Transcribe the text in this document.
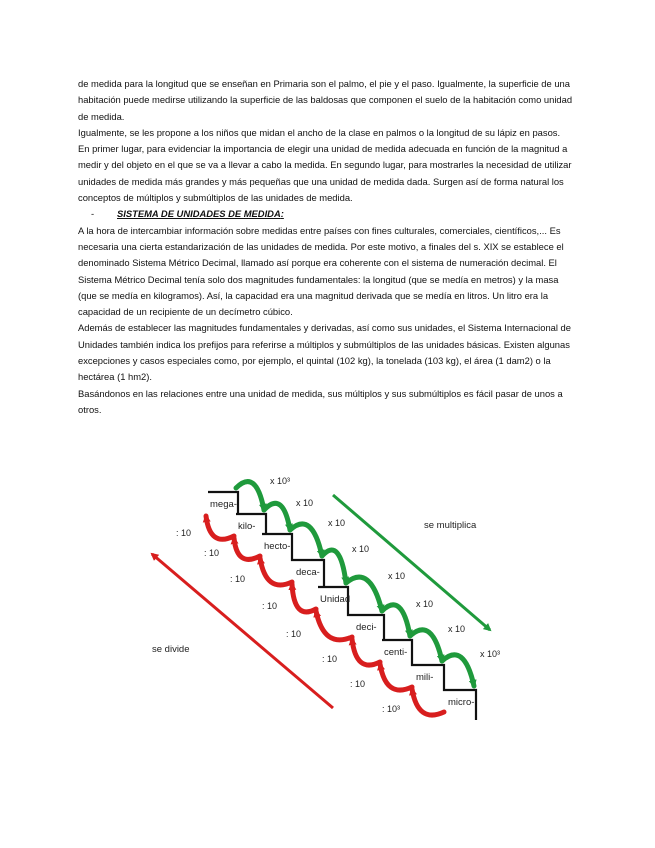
de medida para la longitud que se enseñan en Primaria son el palmo, el pie y el paso. Igualmente, la superficie de una habitación puede medirse utilizando la superficie de las baldosas que componen el suelo de la habitación como unidad de medida.

Igualmente, se les propone a los niños que midan el ancho de la clase en palmos o la longitud de su lápiz en pasos.

En primer lugar, para evidenciar la importancia de elegir una unidad de medida adecuada en función de la magnitud a medir y del objeto en el que se va a llevar a cabo la medida. En segundo lugar, para mostrarles la necesidad de utilizar unidades de medida más grandes y más pequeñas que una unidad de medida dada. Surgen así de forma natural los conceptos de múltiplos y submúltiplos de las unidades de medida.

- SISTEMA DE UNIDADES DE MEDIDA:

A la hora de intercambiar información sobre medidas entre países con fines culturales, comerciales, científicos,... Es necesaria una cierta estandarización de las unidades de medida. Por este motivo, a finales del s. XIX se establece el denominado Sistema Métrico Decimal, llamado así porque era coherente con el sistema de numeración decimal. El Sistema Métrico Decimal tenía solo dos magnitudes fundamentales: la longitud (que se medía en metros) y la masa (que se medía en kilogramos). Así, la capacidad era una magnitud derivada que se medía en litros. Un litro era la capacidad de un recipiente de un decímetro cúbico.

Además de establecer las magnitudes fundamentales y derivadas, así como sus unidades, el Sistema Internacional de Unidades también indica los prefijos para referirse a múltiplos y submúltiplos de las unidades básicas. Existen algunas excepciones y casos especiales como, por ejemplo, el quintal (102 kg), la tonelada (103 kg), el área (1 dam2) o la hectárea (1 hm2).

Basándonos en las relaciones entre una unidad de medida, sus múltiplos y sus submúltiplos es fácil pasar de unos a otros.

mega-
kilo-
hecto-
deca-
Unidad
deci-
centi-
mili-
micro-
x 10³
: 10
x 10
: 10
x 10
: 10
x 10
: 10
x 10
: 10
x 10
: 10
x 10
: 10
x 10³
: 10³
se multiplica
se divide
